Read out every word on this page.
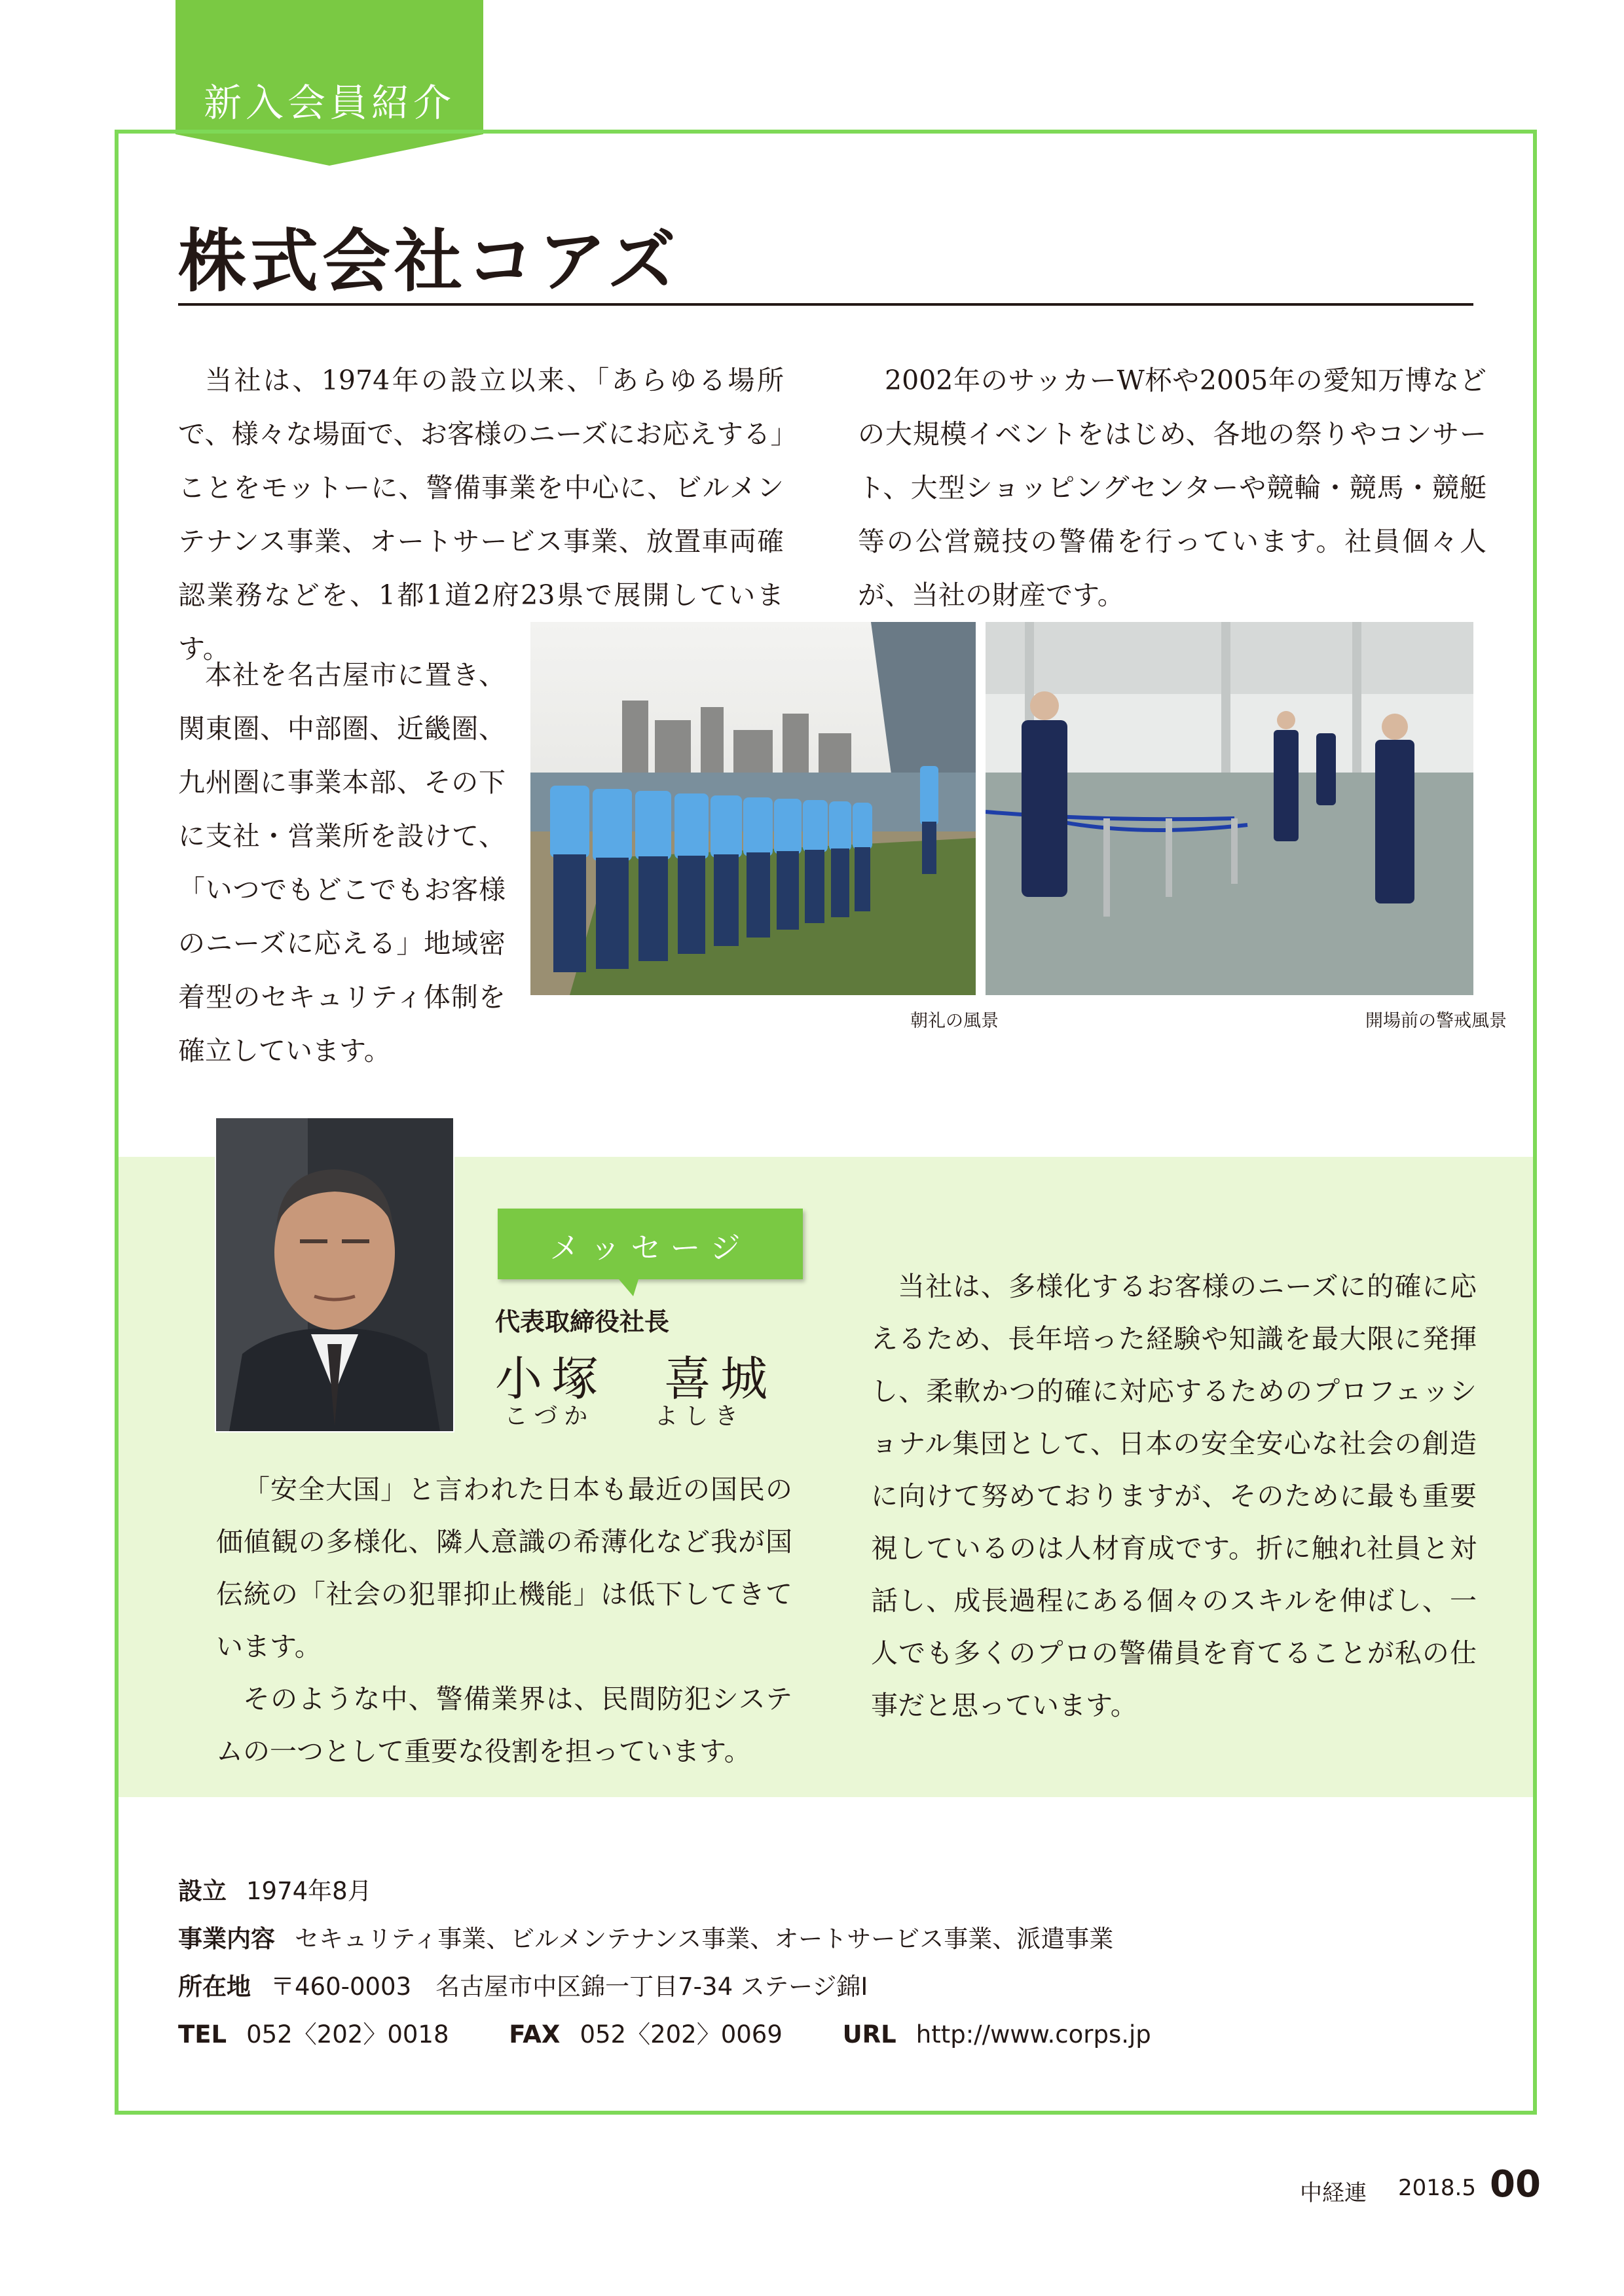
新入会員紹介
株式会社コアズ

当社は、1974年の設立以来、「あらゆる場所で、様々な場面で、お客様のニーズにお応えする」ことをモットーに、警備事業を中心に、ビルメンテナンス事業、オートサービス事業、放置車両確認業務などを、1都1道2府23県で展開しています。

本社を名古屋市に置き、関東圏、中部圏、近畿圏、九州圏に事業本部、その下に支社・営業所を設けて、「いつでもどこでもお客様のニーズに応える」地域密着型のセキュリティ体制を確立しています。

2002年のサッカーW杯や2005年の愛知万博などの大規模イベントをはじめ、各地の祭りやコンサート、大型ショッピングセンターや競輪・競馬・競艇等の公営競技の警備を行っています。社員個々人が、当社の財産です。

朝礼の風景	開場前の警戒風景
メッセージ
代表取締役社長
小塚　喜城
こづか　　よしき

「安全大国」と言われた日本も最近の国民の価値観の多様化、隣人意識の希薄化など我が国伝統の「社会の犯罪抑止機能」は低下してきています。

そのような中、警備業界は、民間防犯システムの一つとして重要な役割を担っています。

当社は、多様化するお客様のニーズに的確に応えるため、長年培った経験や知識を最大限に発揮し、柔軟かつ的確に対応するためのプロフェッショナル集団として、日本の安全安心な社会の創造に向けて努めておりますが、そのために最も重要視しているのは人材育成です。折に触れ社員と対話し、成長過程にある個々のスキルを伸ばし、一人でも多くのプロの警備員を育てることが私の仕事だと思っています。

設立 1974年8月
事業内容 セキュリティ事業、ビルメンテナンス事業、オートサービス事業、派遣事業
所在地 〒460-0003　名古屋市中区錦一丁目7-34 ステージ錦Ⅰ
TEL 052〈202〉0018 FAX 052〈202〉0069 URL http://www.corps.jp
中経連 2018.5 00
